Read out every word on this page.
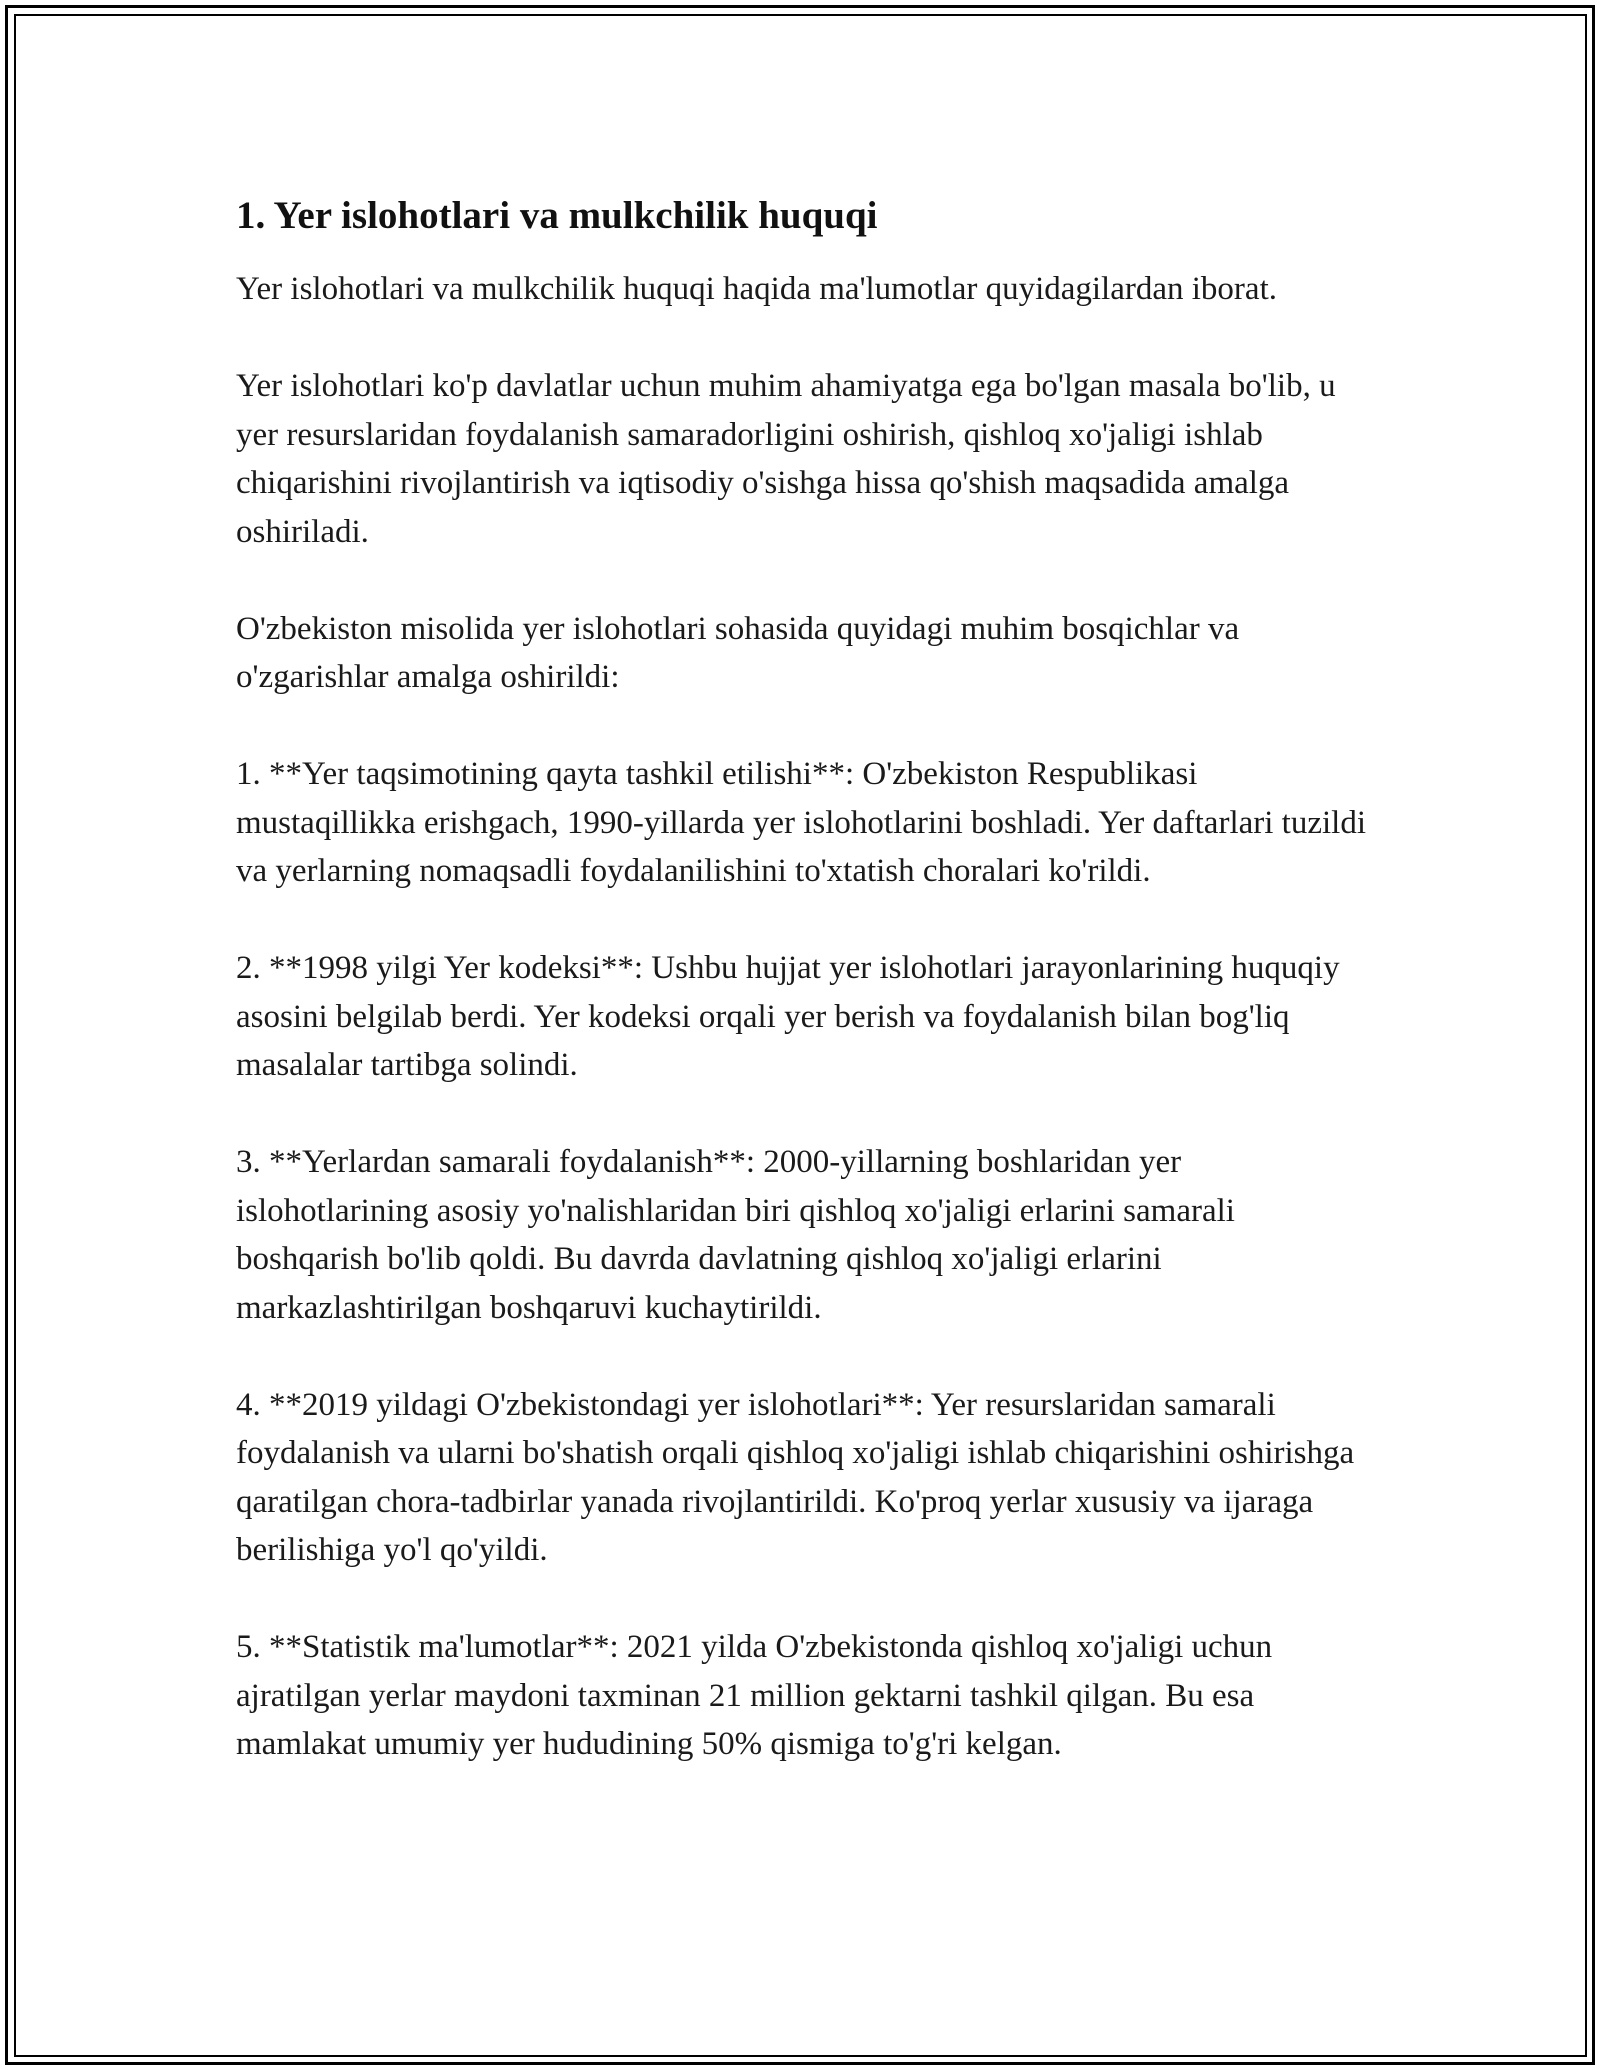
1. Yer islohotlari va mulkchilik huquqi

Yer islohotlari va mulkchilik huquqi haqida ma'lumotlar quyidagilardan iborat.

Yer islohotlari ko'p davlatlar uchun muhim ahamiyatga ega bo'lgan masala bo'lib, u yer resurslaridan foydalanish samaradorligini oshirish, qishloq xo'jaligi ishlab chiqarishini rivojlantirish va iqtisodiy o'sishga hissa qo'shish maqsadida amalga oshiriladi.

O'zbekiston misolida yer islohotlari sohasida quyidagi muhim bosqichlar va o'zgarishlar amalga oshirildi:

1. **Yer taqsimotining qayta tashkil etilishi**: O'zbekiston Respublikasi mustaqillikka erishgach, 1990-yillarda yer islohotlarini boshladi. Yer daftarlari tuzildi va yerlarning nomaqsadli foydalanilishini to'xtatish choralari ko'rildi.

2. **1998 yilgi Yer kodeksi**: Ushbu hujjat yer islohotlari jarayonlarining huquqiy asosini belgilab berdi. Yer kodeksi orqali yer berish va foydalanish bilan bog'liq masalalar tartibga solindi.

3. **Yerlardan samarali foydalanish**: 2000-yillarning boshlaridan yer islohotlarining asosiy yo'nalishlaridan biri qishloq xo'jaligi erlarini samarali boshqarish bo'lib qoldi. Bu davrda davlatning qishloq xo'jaligi erlarini markazlashtirilgan boshqaruvi kuchaytirildi.

4. **2019 yildagi O'zbekistondagi yer islohotlari**: Yer resurslaridan samarali foydalanish va ularni bo'shatish orqali qishloq xo'jaligi ishlab chiqarishini oshirishga qaratilgan chora-tadbirlar yanada rivojlantirildi. Ko'proq yerlar xususiy va ijaraga berilishiga yo'l qo'yildi.

5. **Statistik ma'lumotlar**: 2021 yilda O'zbekistonda qishloq xo'jaligi uchun ajratilgan yerlar maydoni taxminan 21 million gektarni tashkil qilgan. Bu esa mamlakat umumiy yer hududining 50% qismiga to'g'ri kelgan.
